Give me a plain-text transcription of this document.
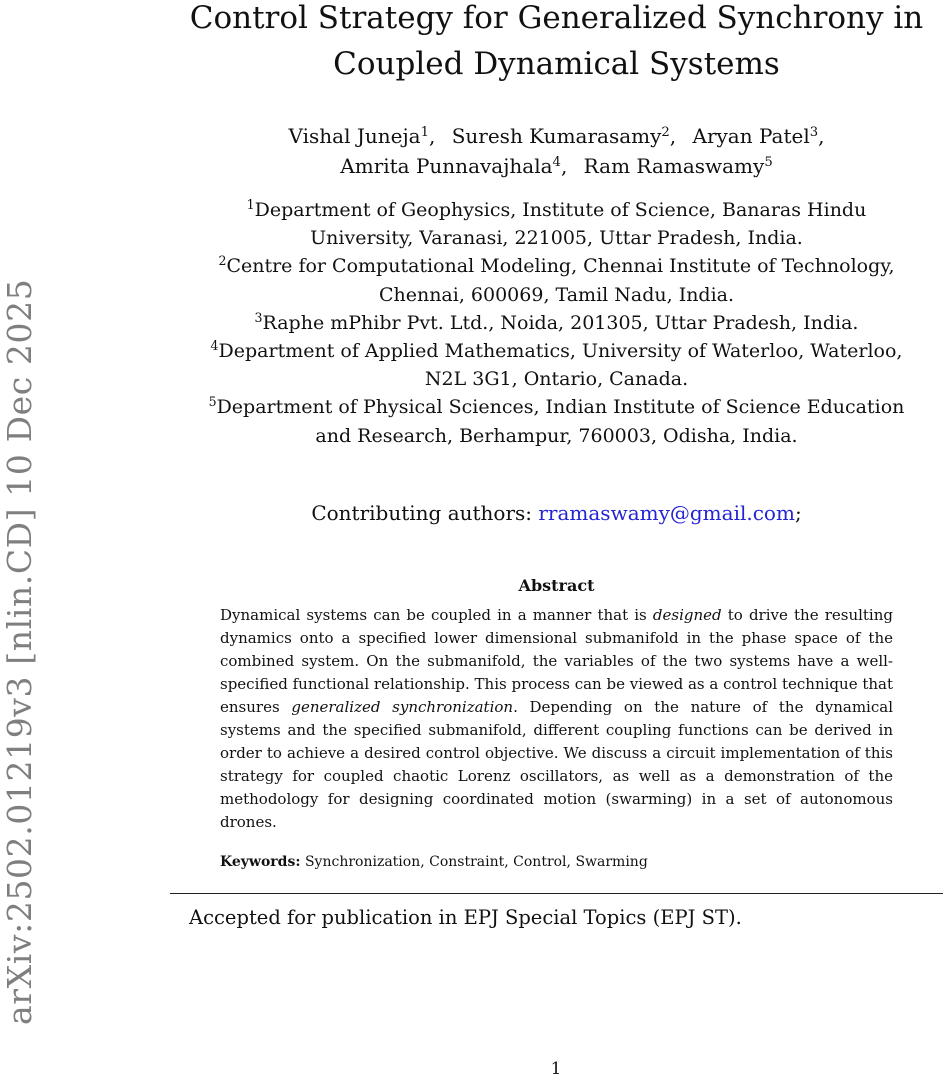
arXiv:2502.01219v3 [nlin.CD] 10 Dec 2025
Control Strategy for Generalized Synchrony in Coupled Dynamical Systems
Vishal Juneja$^1$, Suresh Kumarasamy$^2$, Aryan Patel$^3$,
Amrita Punnavajhala$^4$, Ram Ramaswamy$^5$
$^1$Department of Geophysics, Institute of Science, Banaras Hindu University, Varanasi, 221005, Uttar Pradesh, India.
$^2$Centre for Computational Modeling, Chennai Institute of Technology, Chennai, 600069, Tamil Nadu, India.
$^3$Raphe mPhibr Pvt. Ltd., Noida, 201305, Uttar Pradesh, India.
$^4$Department of Applied Mathematics, University of Waterloo, Waterloo, N2L 3G1, Ontario, Canada.
$^5$Department of Physical Sciences, Indian Institute of Science Education and Research, Berhampur, 760003, Odisha, India.
Contributing authors: rramaswamy@gmail.com;
Abstract

Dynamical systems can be coupled in a manner that is designed to drive the resulting dynamics onto a specified lower dimensional submanifold in the phase space of the combined system. On the submanifold, the variables of the two systems have a well-specified functional relationship. This process can be viewed as a control technique that ensures generalized synchronization. Depending on the nature of the dynamical systems and the specified submanifold, different coupling functions can be derived in order to achieve a desired control objective. We discuss a circuit implementation of this strategy for coupled chaotic Lorenz oscillators, as well as a demonstration of the methodology for designing coordinated motion (swarming) in a set of autonomous drones.

Keywords: Synchronization, Constraint, Control, Swarming
Accepted for publication in EPJ Special Topics (EPJ ST).
1
